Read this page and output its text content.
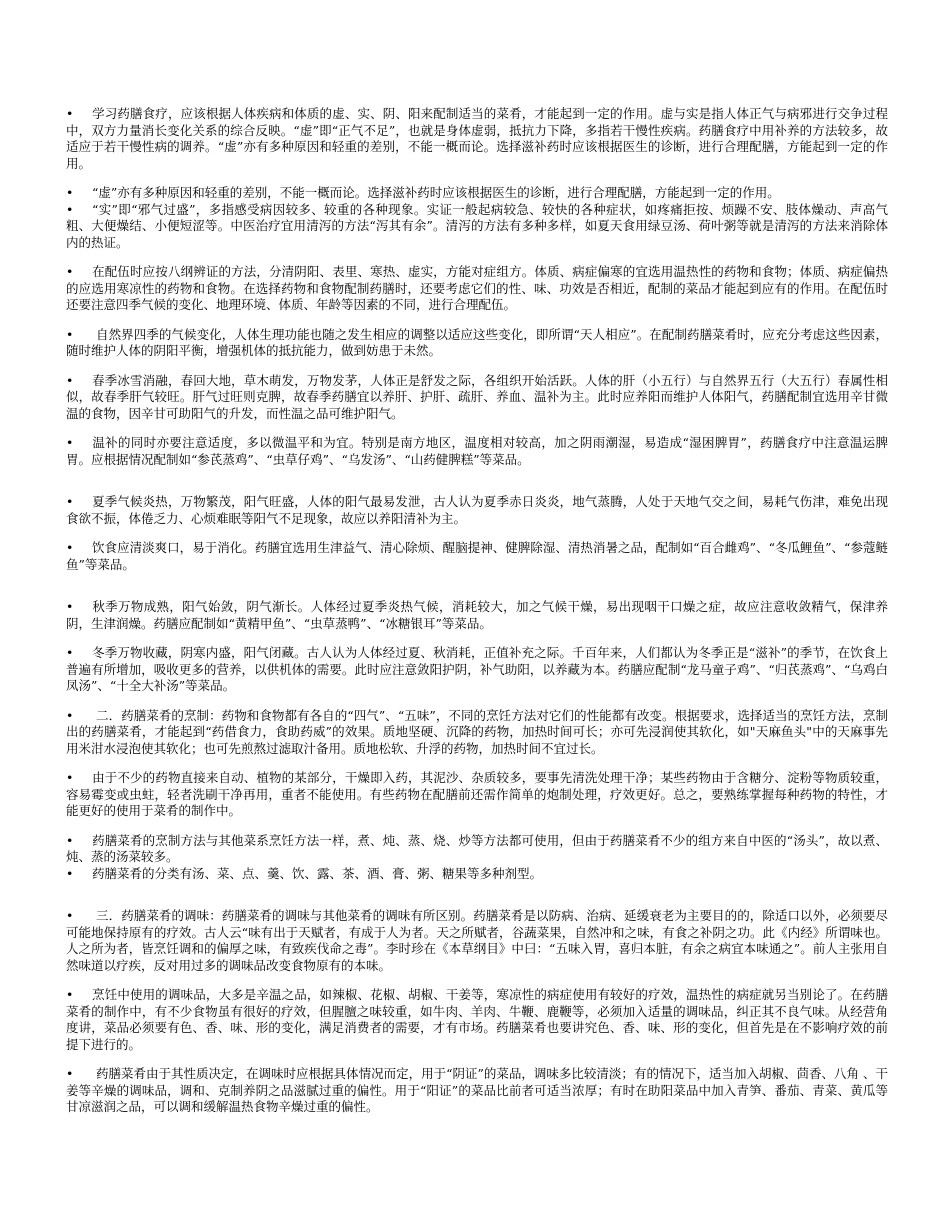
• 学习药膳食疗，应该根据人体疾病和体质的虚、实、阴、阳来配制适当的菜肴，才能起到一定的作用。虚与实是指人体正气与病邪进行交争过程中，双方力量消长变化关系的综合反映。“虚”即“正气不足”，也就是身体虚弱，抵抗力下降，多指若干慢性疾病。药膳食疗中用补养的方法较多，故适应于若干慢性病的调养。“虚”亦有多种原因和轻重的差别，不能一概而论。选择滋补药时应该根据医生的诊断，进行合理配膳，方能起到一定的作用。

• “虚”亦有多种原因和轻重的差别，不能一概而论。选择滋补药时应该根据医生的诊断，进行合理配膳，方能起到一定的作用。

• “实”即“邪气过盛”，多指感受病因较多、较重的各种现象。实证一般起病较急、较快的各种症状，如疼痛拒按、烦躁不安、肢体燥动、声高气粗、大便燥结、小便短涩等。中医治疗宜用清泻的方法“泻其有余”。清泻的方法有多种多样，如夏天食用绿豆汤、荷叶粥等就是清泻的方法来消除体内的热证。

• 在配伍时应按八纲辨证的方法，分清阴阳、表里、寒热、虚实，方能对症组方。体质、病症偏寒的宜选用温热性的药物和食物；体质、病症偏热的应选用寒凉性的药物和食物。在选择药物和食物配制药膳时，还要考虑它们的性、味、功效是否相近，配制的菜品才能起到应有的作用。在配伍时还要注意四季气候的变化、地理环境、体质、年龄等因素的不同，进行合理配伍。

• 自然界四季的气候变化，人体生理功能也随之发生相应的调整以适应这些变化，即所谓“天人相应”。在配制药膳菜肴时，应充分考虑这些因素，随时维护人体的阴阳平衡，增强机体的抵抗能力，做到妨患于未然。

• 春季冰雪消融，春回大地，草木萌发，万物发茅，人体正是舒发之际，各组织开始活跃。人体的肝（小五行）与自然界五行（大五行）春属性相似，故春季肝气较旺。肝气过旺则克脾，故春季药膳宜以养肝、护肝、疏肝、养血、温补为主。此时应养阳而维护人体阳气，药膳配制宜选用辛甘微温的食物，因辛甘可助阳气的升发，而性温之品可维护阳气。

• 温补的同时亦要注意适度，多以微温平和为宜。特别是南方地区，温度相对较高，加之阴雨潮湿，易造成“湿困脾胃”，药膳食疗中注意温运脾胃。应根据情况配制如“参芪蒸鸡”、“虫草仔鸡”、“乌发汤”、“山药健脾糕”等菜品。

• 夏季气候炎热，万物繁茂，阳气旺盛，人体的阳气最易发泄，古人认为夏季赤日炎炎，地气蒸腾，人处于天地气交之间，易耗气伤津，难免出现食欲不振，体倦乏力、心烦难眠等阳气不足现象，故应以养阳清补为主。

• 饮食应清淡爽口，易于消化。药膳宜选用生津益气、清心除烦、醒脑提神、健脾除湿、清热消暑之品，配制如“百合雌鸡”、“冬瓜鲤鱼”、“参蔻鲢鱼”等菜品。

• 秋季万物成熟，阳气始敛，阴气渐长。人体经过夏季炎热气候，消耗较大，加之气候干燥，易出现咽干口燥之症，故应注意收敛精气，保津养阴，生津润燥。药膳应配制如“黄精甲鱼”、“虫草蒸鸭”、“冰糖银耳”等菜品。

• 冬季万物收藏，阴寒内盛，阳气闭藏。古人认为人体经过夏、秋消耗，正值补充之际。千百年来，人们都认为冬季正是“滋补”的季节，在饮食上普遍有所增加，吸收更多的营养，以供机体的需要。此时应注意敛阳护阴，补气助阳，以养藏为本。药膳应配制“龙马童子鸡”、“归芪蒸鸡”、“乌鸡白凤汤”、“十全大补汤”等菜品。

• 二．药膳菜肴的烹制：药物和食物都有各自的“四气”、“五味”，不同的烹饪方法对它们的性能都有改变。根据要求，选择适当的烹饪方法，烹制出的药膳菜肴，才能起到“药借食力，食助药威”的效果。质地坚硬、沉降的药物，加热时间可长；亦可先浸润使其软化，如"天麻鱼头"中的天麻事先用米泔水浸泡使其软化；也可先煎熬过滤取汁备用。质地松软、升浮的药物，加热时间不宜过长。

• 由于不少的药物直接来自动、植物的某部分，干燥即入药，其泥沙、杂质较多，要事先清洗处理干净；某些药物由于含糖分、淀粉等物质较重，容易霉变或虫蛀，轻者洗刷干净再用，重者不能使用。有些药物在配膳前还需作简单的炮制处理，疗效更好。总之，要熟练掌握每种药物的特性，才能更好的使用于菜肴的制作中。

• 药膳菜肴的烹制方法与其他菜系烹饪方法一样，煮、炖、蒸、烧、炒等方法都可使用，但由于药膳菜肴不少的组方来自中医的“汤头”，故以煮、炖、蒸的汤菜较多。

• 药膳菜肴的分类有汤、菜、点、羹、饮、露、茶、酒、膏、粥、糖果等多种剂型。

• 三．药膳菜肴的调味：药膳菜肴的调味与其他菜肴的调味有所区别。药膳菜肴是以防病、治病、延缓衰老为主要目的的，除适口以外，必须要尽可能地保持原有的疗效。古人云“味有出于天赋者，有成于人为者。天之所赋者，谷蔬菜果，自然冲和之味，有食之补阴之功。此《内经》所谓味也。人之所为者，皆烹饪调和的偏厚之味，有致疾伐命之毒”。李时珍在《本草纲目》中曰：“五味入胃，喜归本脏，有余之病宜本味通之”。前人主张用自然味道以疗疾，反对用过多的调味品改变食物原有的本味。

• 烹饪中使用的调味品，大多是辛温之品，如辣椒、花椒、胡椒、干姜等，寒凉性的病症使用有较好的疗效，温热性的病症就另当别论了。在药膳菜肴的制作中，有不少食物虽有很好的疗效，但腥膻之味较重，如牛肉、羊肉、牛鞭、鹿鞭等，必须加入适量的调味品，纠正其不良气味。从经营角度讲，菜品必须要有色、香、味、形的变化，满足消费者的需要，才有市场。药膳菜肴也要讲究色、香、味、形的变化，但首先是在不影响疗效的前提下进行的。

• 药膳菜肴由于其性质决定，在调味时应根据具体情况而定，用于“阴证”的菜品，调味多比较清淡；有的情况下，适当加入胡椒、茴香、八角 、干姜等辛燥的调味品，调和、克制养阴之品滋腻过重的偏性。用于“阳证”的菜品比前者可适当浓厚；有时在助阳菜品中加入青笋、番茄、青菜、黄瓜等甘凉滋润之品，可以调和缓解温热食物辛燥过重的偏性。
